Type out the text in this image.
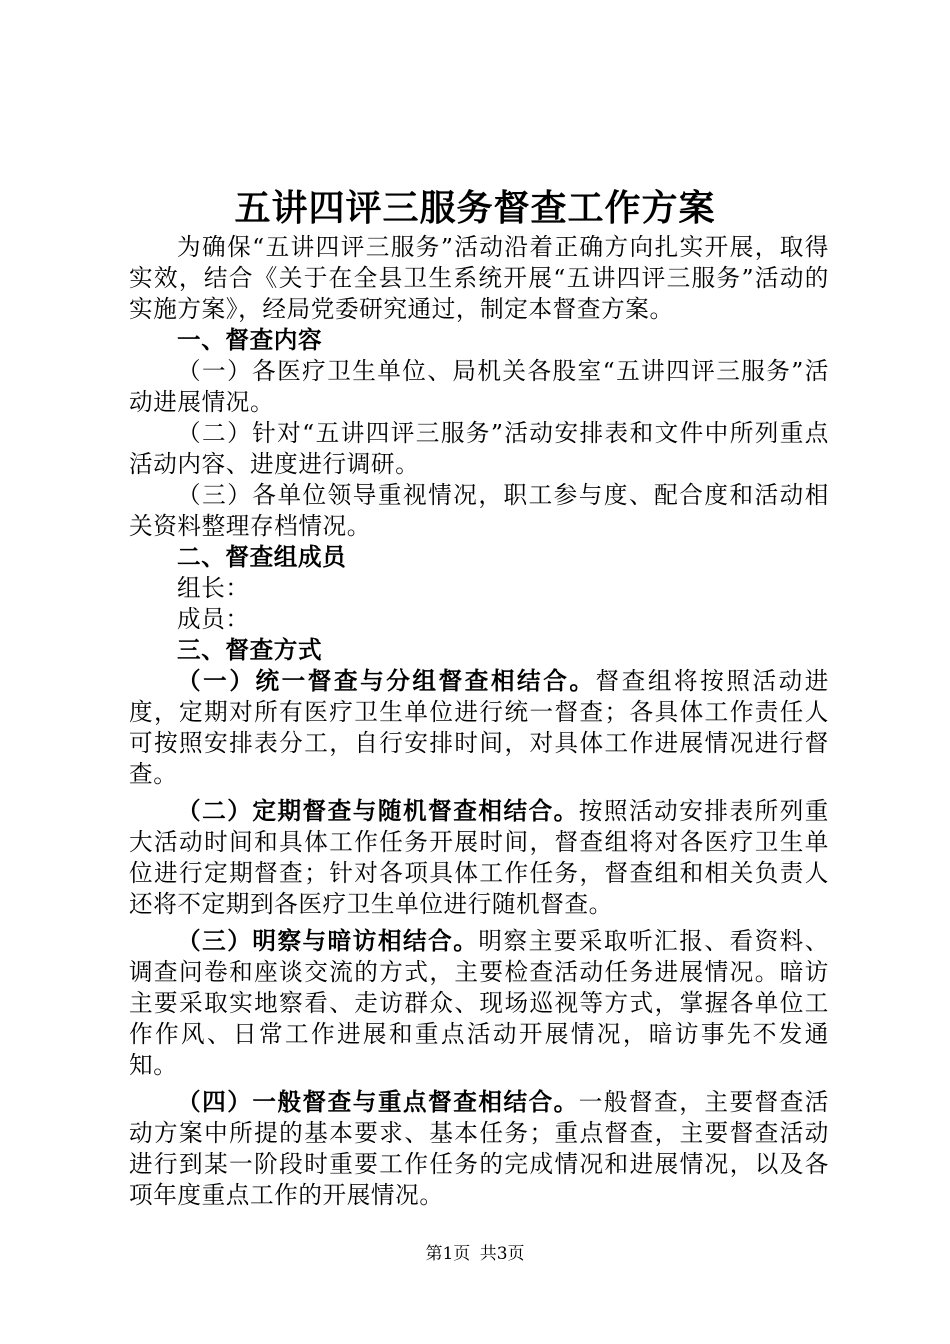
五讲四评三服务督查工作方案

为确保“五讲四评三服务”活动沿着正确方向扎实开展，取得实效，结合《关于在全县卫生系统开展“五讲四评三服务”活动的实施方案》，经局党委研究通过，制定本督查方案。

一、督查内容

（一）各医疗卫生单位、局机关各股室“五讲四评三服务”活动进展情况。

（二）针对“五讲四评三服务”活动安排表和文件中所列重点活动内容、进度进行调研。

（三）各单位领导重视情况，职工参与度、配合度和活动相关资料整理存档情况。

二、督查组成员

组长：

成员：

三、督查方式

（一）统一督查与分组督查相结合。督查组将按照活动进度，定期对所有医疗卫生单位进行统一督查；各具体工作责任人可按照安排表分工，自行安排时间，对具体工作进展情况进行督查。

（二）定期督查与随机督查相结合。按照活动安排表所列重大活动时间和具体工作任务开展时间，督查组将对各医疗卫生单位进行定期督查；针对各项具体工作任务，督查组和相关负责人还将不定期到各医疗卫生单位进行随机督查。

（三）明察与暗访相结合。明察主要采取听汇报、看资料、调查问卷和座谈交流的方式，主要检查活动任务进展情况。暗访主要采取实地察看、走访群众、现场巡视等方式，掌握各单位工作作风、日常工作进展和重点活动开展情况，暗访事先不发通知。

（四）一般督查与重点督查相结合。一般督查，主要督查活动方案中所提的基本要求、基本任务；重点督查，主要督查活动进行到某一阶段时重要工作任务的完成情况和进展情况，以及各项年度重点工作的开展情况。

第1页 共3页
